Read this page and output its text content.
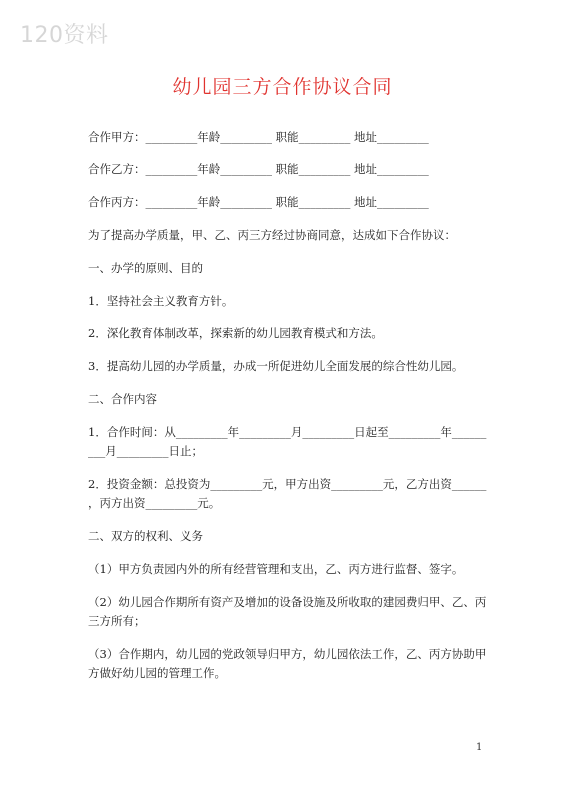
120资料
幼儿园三方合作协议合同
合作甲方：_________年龄_________ 职能_________ 地址_________
合作乙方：_________年龄_________ 职能_________ 地址_________
合作丙方：_________年龄_________ 职能_________ 地址_________
为了提高办学质量，甲、乙、丙三方经过协商同意，达成如下合作协议：
一、办学的原则、目的
1．坚持社会主义教育方针。
2．深化教育体制改革，探索新的幼儿园教育模式和方法。
3．提高幼儿园的办学质量，办成一所促进幼儿全面发展的综合性幼儿园。
二、合作内容
1．合作时间：从_________年_________月_________日起至_________年______
___月_________日止；
2．投资金额：总投资为_________元，甲方出资_________元，乙方出资______
，丙方出资_________元。
二、双方的权利、义务
（1）甲方负责园内外的所有经营管理和支出，乙、丙方进行监督、签字。
（2）幼儿园合作期所有资产及增加的设备设施及所收取的建园费归甲、乙、丙
三方所有；
（3）合作期内，幼儿园的党政领导归甲方，幼儿园依法工作，乙、丙方协助甲
方做好幼儿园的管理工作。
1
